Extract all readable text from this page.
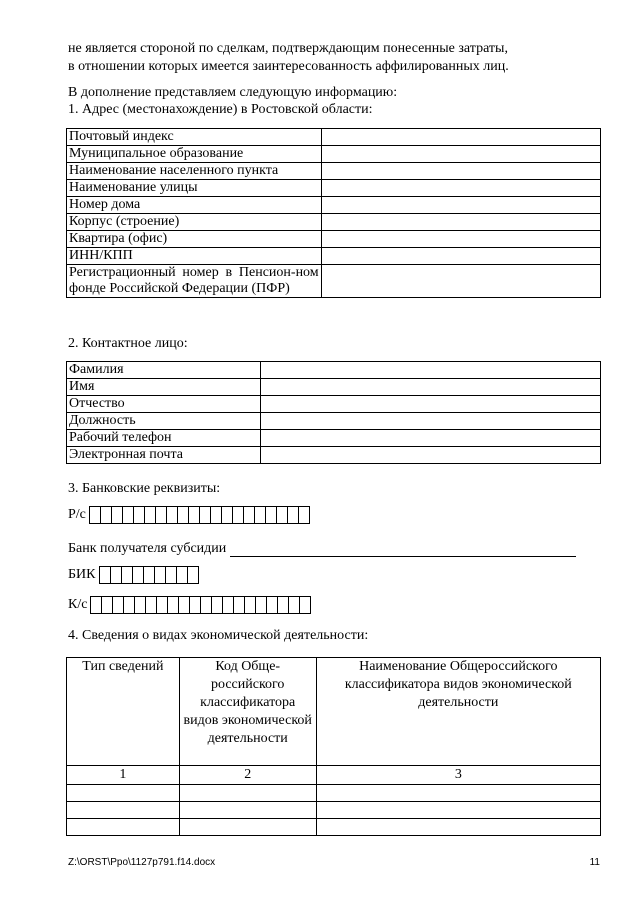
не является стороной по сделкам, подтверждающим понесенные затраты,
в отношении которых имеется заинтересованность аффилированных лиц.
В дополнение представляем следующую информацию:
1. Адрес (местонахождение) в Ростовской области:
Почтовый индекс	
Муниципальное образование	
Наименование населенного пункта	
Наименование улицы	
Номер дома	
Корпус (строение)	
Квартира (офис)	
ИНН/КПП	
Регистрационный номер в Пенсион-ном фонде Российской Федерации (ПФР)	
2. Контактное лицо:
Фамилия	
Имя	
Отчество	
Должность	
Рабочий телефон	
Электронная почта	
3. Банковские реквизиты:
Р/с
Банк получателя субсидии
БИК
К/с
4. Сведения о видах экономической деятельности:
Тип сведений	Код Обще-российского классификатора видов экономической деятельности	Наименование Общероссийского классификатора видов экономической деятельности
1	2	3

Z:\ORST\Ppo\1127p791.f14.docx	11
